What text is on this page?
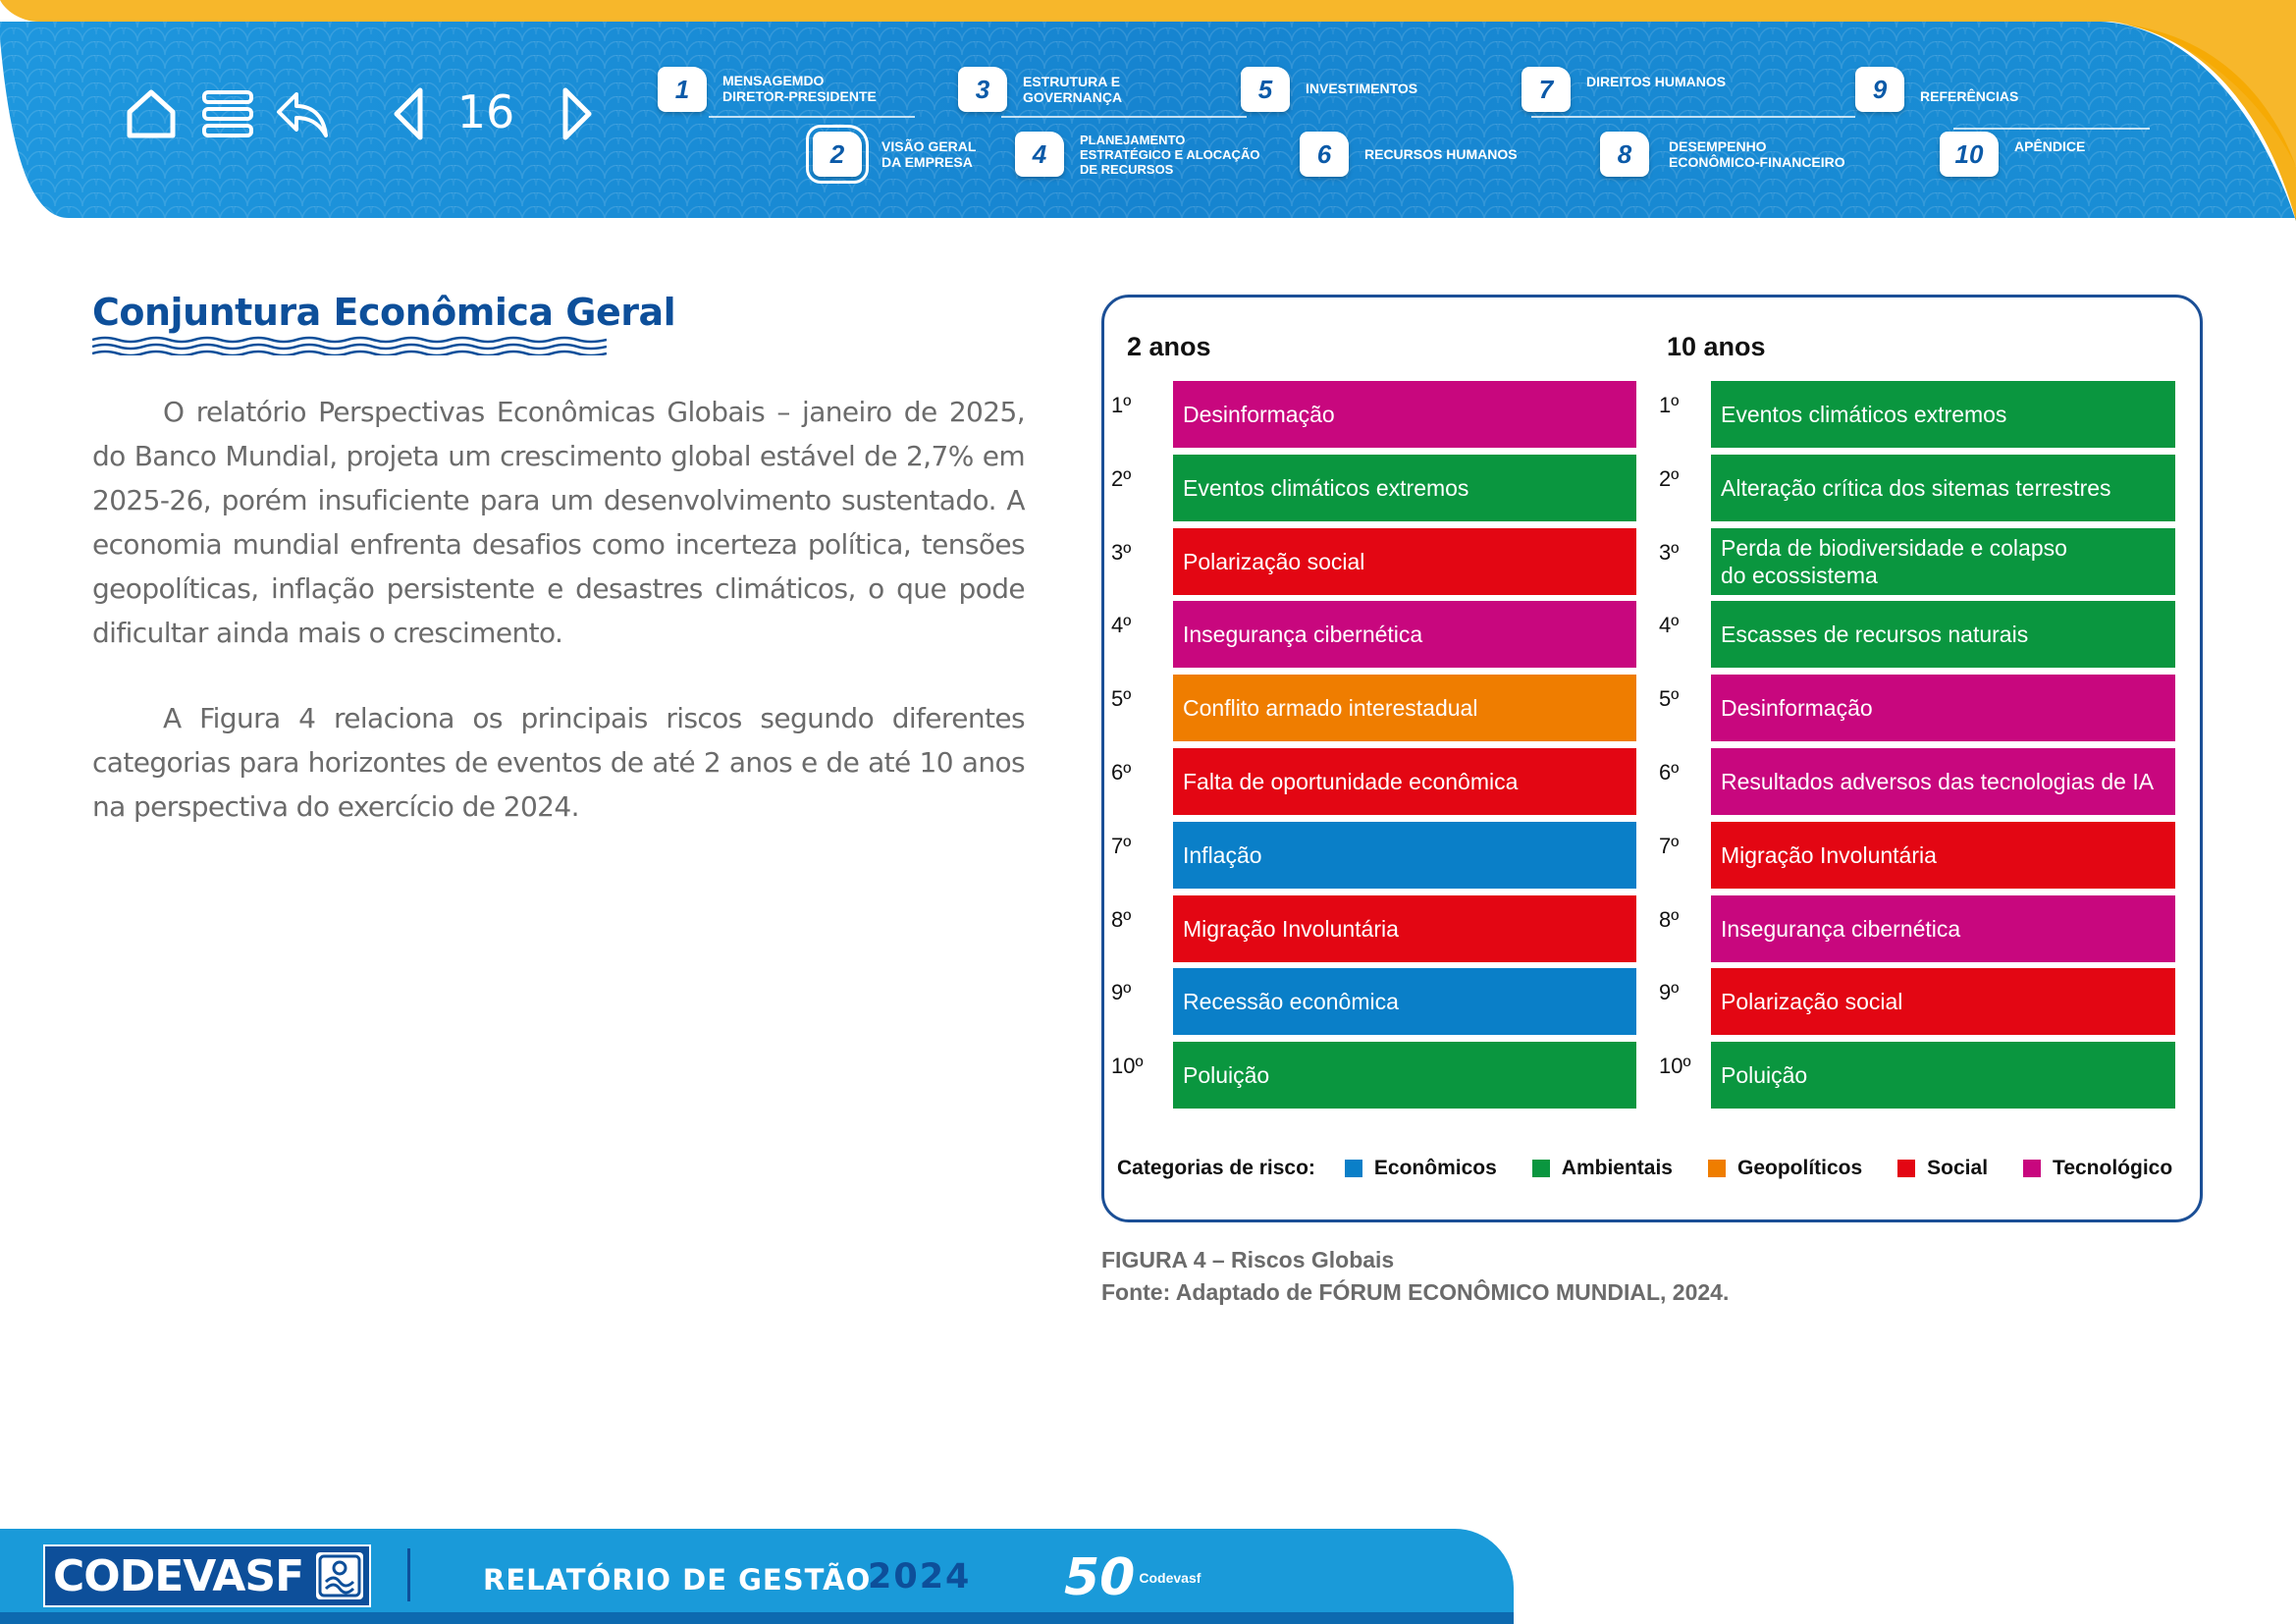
16	1	MENSAGEMDO
DIRETOR-PRESIDENTE	3	ESTRUTURA E
GOVERNANÇA	5	INVESTIMENTOS	7	DIREITOS HUMANOS	9	REFERÊNCIAS
2	VISÃO GERAL
DA EMPRESA	4	PLANEJAMENTO
ESTRATÉGICO E ALOCAÇÃO
DE RECURSOS
6	RECURSOS HUMANOS	8	DESEMPENHO
ECONÔMICO-FINANCEIRO	10	APÊNDICE
Conjuntura Econômica Geral

O relatório Perspectivas Econômicas Globais – janeiro de 2025, do Banco Mundial, projeta um crescimento global estável de 2,7% em 2025-26, porém insuficiente para um desenvolvimento sustentado. A economia mundial enfrenta desafios como incerteza política, tensões geopolíticas, inflação persistente e desastres climáticos, o que pode dificultar ainda mais o crescimento.

A Figura 4 relaciona os principais riscos segundo diferentes categorias para horizontes de eventos de até 2 anos e de até 10 anos na perspectiva do exercício de 2024.

2 anos	10 anos
1º	Desinformação
2º	Eventos climáticos extremos
3º	Polarização social
4º	Insegurança cibernética
5º	Conflito armado interestadual
6º	Falta de oportunidade econômica
7º	Inflação
8º	Migração Involuntária
9º	Recessão econômica
10º	Poluição
1º	Eventos climáticos extremos
2º	Alteração crítica dos sitemas terrestres
3º	Perda de biodiversidade e colapso
do ecossistema
4º	Escasses de recursos naturais
5º	Desinformação
6º	Resultados adversos das tecnologias de IA
7º	Migração Involuntária
8º	Insegurança cibernética
9º	Polarização social
10º	Poluição
Categorias de risco:	Econômicos	Ambientais	Geopolíticos	Social	Tecnológico
FIGURA 4 – Riscos Globais
Fonte: Adaptado de FÓRUM ECONÔMICO MUNDIAL, 2024.
CODEVASF	RELATÓRIO DE GESTÃO
2024 50 Codevasf
